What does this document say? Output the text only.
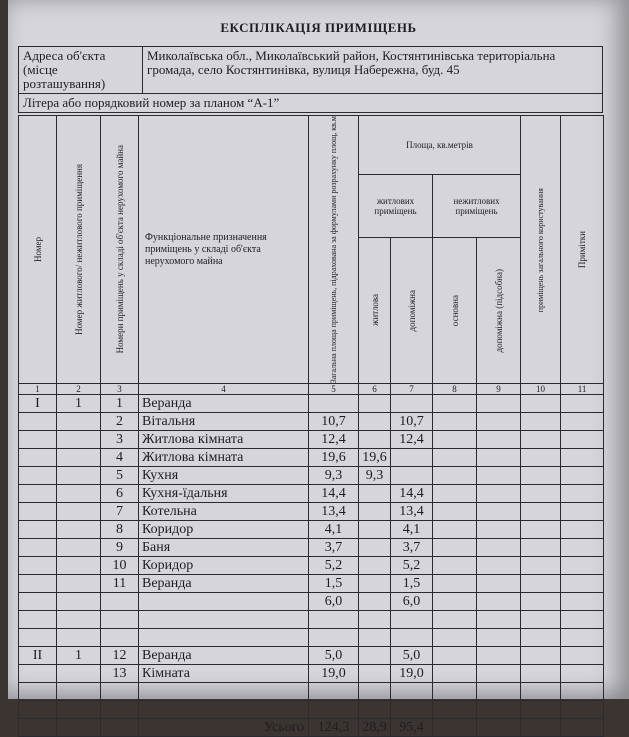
ЕКСПЛІКАЦІЯ ПРИМІЩЕНЬ
Адреса об'єкта (місце розташування)	Миколаївська обл., Миколаївський район, Костянтинівська територіальна громада, село Костянтинівка, вулиця Набережна, буд. 45
Літера або порядковий номер за планом “А-1”
Номер	Номер житлового/ нежитлового приміщення	Номери приміщень у складі об'єкта нерухомого майна	Функціональне призначення приміщень у складі об'єкта нерухомого майна	Загальна площа приміщень, підрахована за формулами розрахунку площ, кв.м	Площа, кв.метрів				приміщень загального користування	Примітки

					житлових приміщень		нежитлових приміщень			

					житлова	допоміжна	основна	допоміжна (підсобна)		

1	2	3	4	5	6	7	8	9	10	11
I	1	1	Веранда							
		2	Вітальня	10,7		10,7				
		3	Житлова кімната	12,4		12,4				
		4	Житлова кімната	19,6	19,6					
		5	Кухня	9,3	9,3					
		6	Кухня-їдальня	14,4		14,4				
		7	Котельна	13,4		13,4				
		8	Коридор	4,1		4,1				
		9	Баня	3,7		3,7				
		10	Коридор	5,2		5,2				
		11	Веранда	1,5		1,5				
				6,0		6,0				

II	1	12	Веранда	5,0		5,0				
		13	Кімната	19,0		19,0				

			Усього	124,3	28,9	95,4				
